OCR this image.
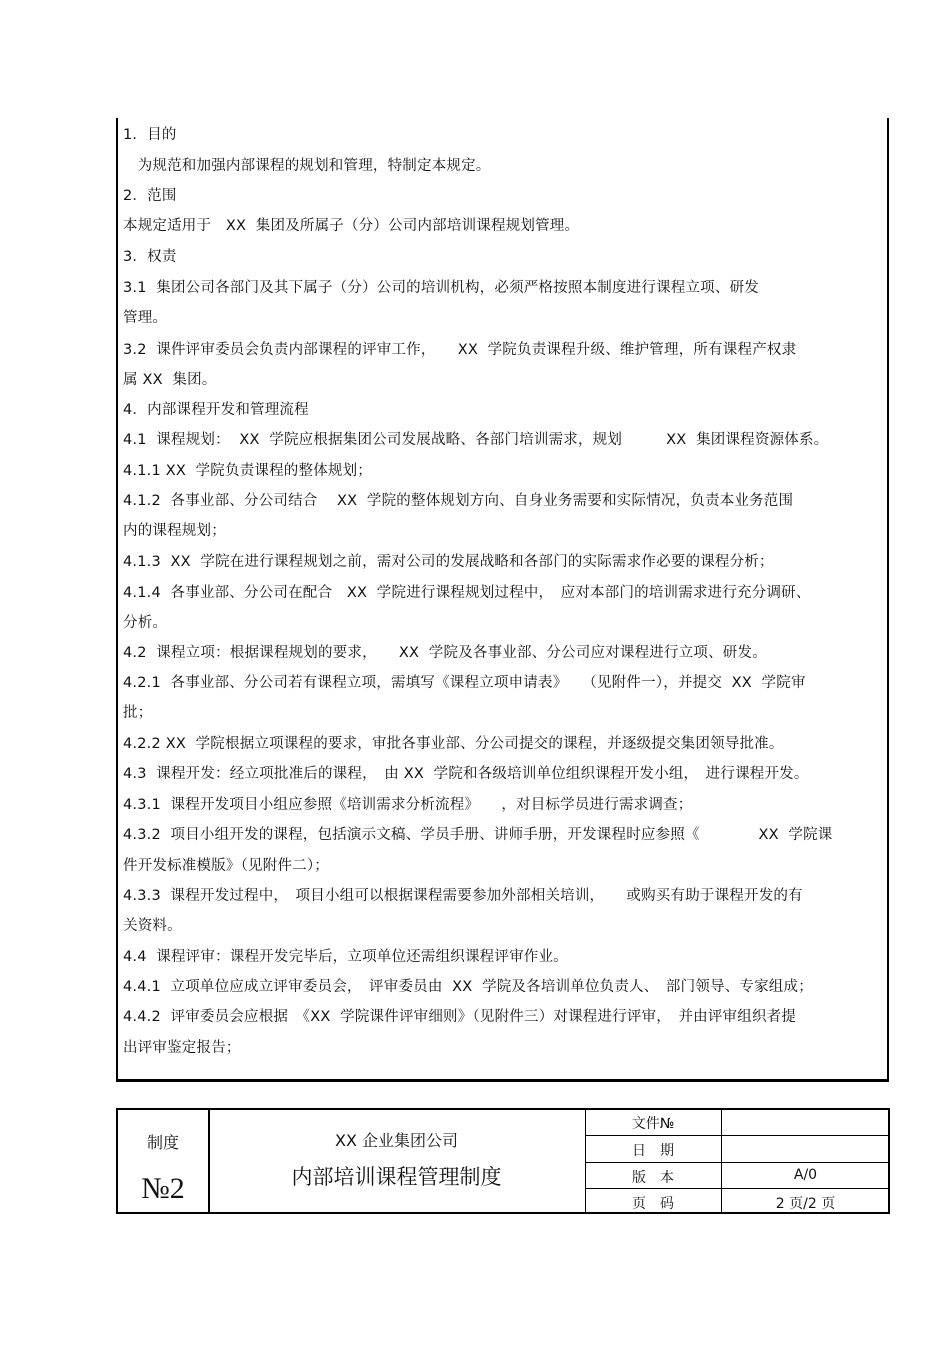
1．目的
　为规范和加强内部课程的规划和管理，特制定本规定。
2．范围
本规定适用于　XX  集团及所属子（分）公司内部培训课程规划管理。
3．权责
3.1  集团公司各部门及其下属子（分）公司的培训机构，必须严格按照本制度进行课程立项、研发
管理。
3.2  课件评审委员会负责内部课程的评审工作，　　XX  学院负责课程升级、维护管理，所有课程产权隶
属 XX  集团。
4．内部课程开发和管理流程
4.1  课程规划：  XX  学院应根据集团公司发展战略、各部门培训需求，规划　　　XX  集团课程资源体系。
4.1.1 XX  学院负责课程的整体规划；
4.1.2  各事业部、分公司结合　 XX  学院的整体规划方向、自身业务需要和实际情况，负责本业务范围
内的课程规划；
4.1.3  XX  学院在进行课程规划之前，需对公司的发展战略和各部门的实际需求作必要的课程分析；
4.1.4  各事业部、分公司在配合　XX  学院进行课程规划过程中，　应对本部门的培训需求进行充分调研、
分析。
4.2  课程立项：根据课程规划的要求，　　XX  学院及各事业部、分公司应对课程进行立项、研发。
4.2.1  各事业部、分公司若有课程立项，需填写《课程立项申请表》　　（见附件一），并提交  XX  学院审
批；
4.2.2 XX  学院根据立项课程的要求，审批各事业部、分公司提交的课程，并逐级提交集团领导批准。
4.3  课程开发：经立项批准后的课程，　由 XX  学院和各级培训单位组织课程开发小组，　进行课程开发。
4.3.1  课程开发项目小组应参照《培训需求分析流程》　　，对目标学员进行需求调查；
4.3.2  项目小组开发的课程，包括演示文稿、学员手册、讲师手册，开发课程时应参照《　　　　XX  学院课
件开发标准模版》（见附件二）；
4.3.3  课程开发过程中，　项目小组可以根据课程需要参加外部相关培训，　　或购买有助于课程开发的有
关资料。
4.4  课程评审：课程开发完毕后，立项单位还需组织课程评审作业。
4.4.1  立项单位应成立评审委员会，　评审委员由  XX  学院及各培训单位负责人、　部门领导、专家组成；
4.4.2  评审委员会应根据　《XX  学院课件评审细则》（见附件三）对课程进行评审，　并由评审组织者提
出评审鉴定报告；
制度
№2
XX 企业集团公司
内部培训课程管理制度
文件№
日　期
版　本	A/0
页　码	2 页/2 页
